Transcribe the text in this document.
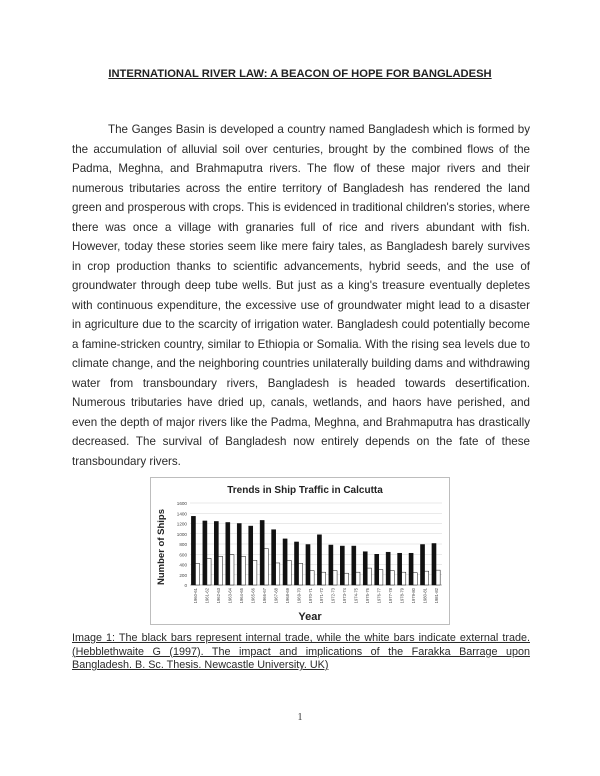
INTERNATIONAL RIVER LAW: A BEACON OF HOPE FOR BANGLADESH

The Ganges Basin is developed a country named Bangladesh which is formed by the accumulation of alluvial soil over centuries, brought by the combined flows of the Padma, Meghna, and Brahmaputra rivers. The flow of these major rivers and their numerous tributaries across the entire territory of Bangladesh has rendered the land green and prosperous with crops. This is evidenced in traditional children's stories, where there was once a village with granaries full of rice and rivers abundant with fish. However, today these stories seem like mere fairy tales, as Bangladesh barely survives in crop production thanks to scientific advancements, hybrid seeds, and the use of groundwater through deep tube wells. But just as a king's treasure eventually depletes with continuous expenditure, the excessive use of groundwater might lead to a disaster in agriculture due to the scarcity of irrigation water. Bangladesh could potentially become a famine-stricken country, similar to Ethiopia or Somalia. With the rising sea levels due to climate change, and the neighboring countries unilaterally building dams and withdrawing water from transboundary rivers, Bangladesh is headed towards desertification. Numerous tributaries have dried up, canals, wetlands, and haors have perished, and even the depth of major rivers like the Padma, Meghna, and Brahmaputra has drastically decreased. The survival of Bangladesh now entirely depends on the fate of these transboundary rivers.

Trends in Ship Traffic in Calcutta
Number of Ships
Year
0
200
400
600
800
1000
1200
1400
1600
1960-61 1961-62 1962-63 1963-64 1964-65 1965-66 1966-67 1967-68 1968-69 1969-70 1970-71 1971-72 1972-73 1973-74 1974-75 1975-76 1976-77 1977-78 1978-79 1979-80 1980-81 1981-82

Image 1: The black bars represent internal trade, while the white bars indicate external trade. (Hebblethwaite G (1997). The impact and implications of the Farakka Barrage upon Bangladesh. B. Sc. Thesis. Newcastle University. UK)

1
